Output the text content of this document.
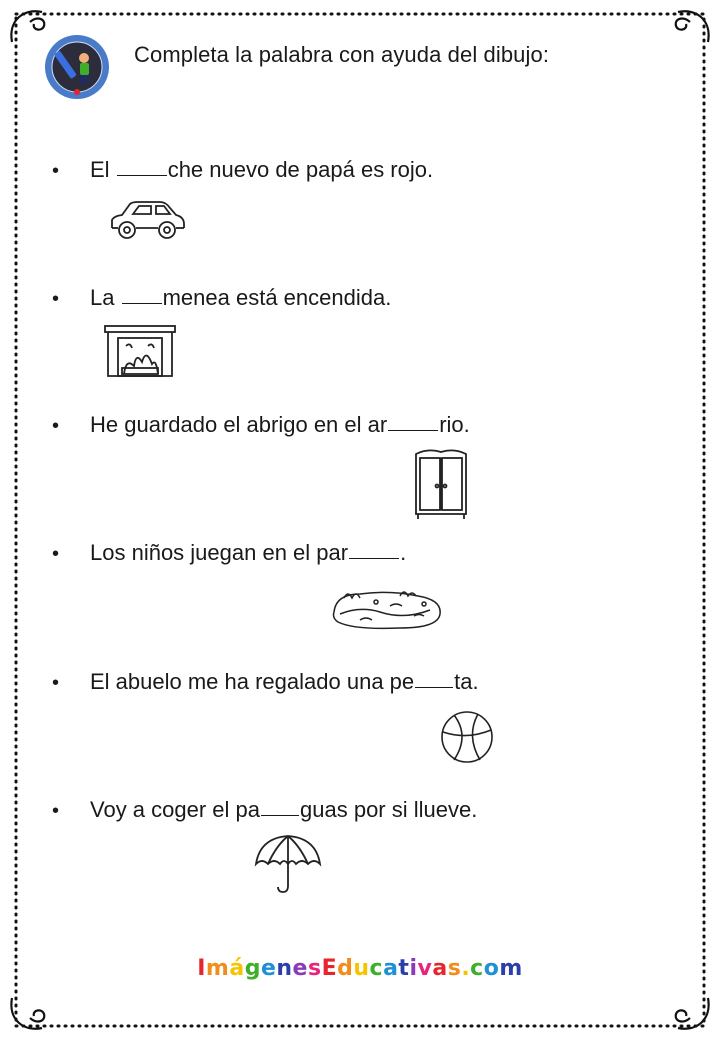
Completa la palabra con ayuda del dibujo:
• El che nuevo de papá es rojo.
• La menea está encendida.
• He guardado el abrigo en el ar rio.
• Los niños juegan en el par .
• El abuelo me ha regalado una pe ta.
• Voy a coger el pa guas por si llueve.
ImágenesEducativas.com
